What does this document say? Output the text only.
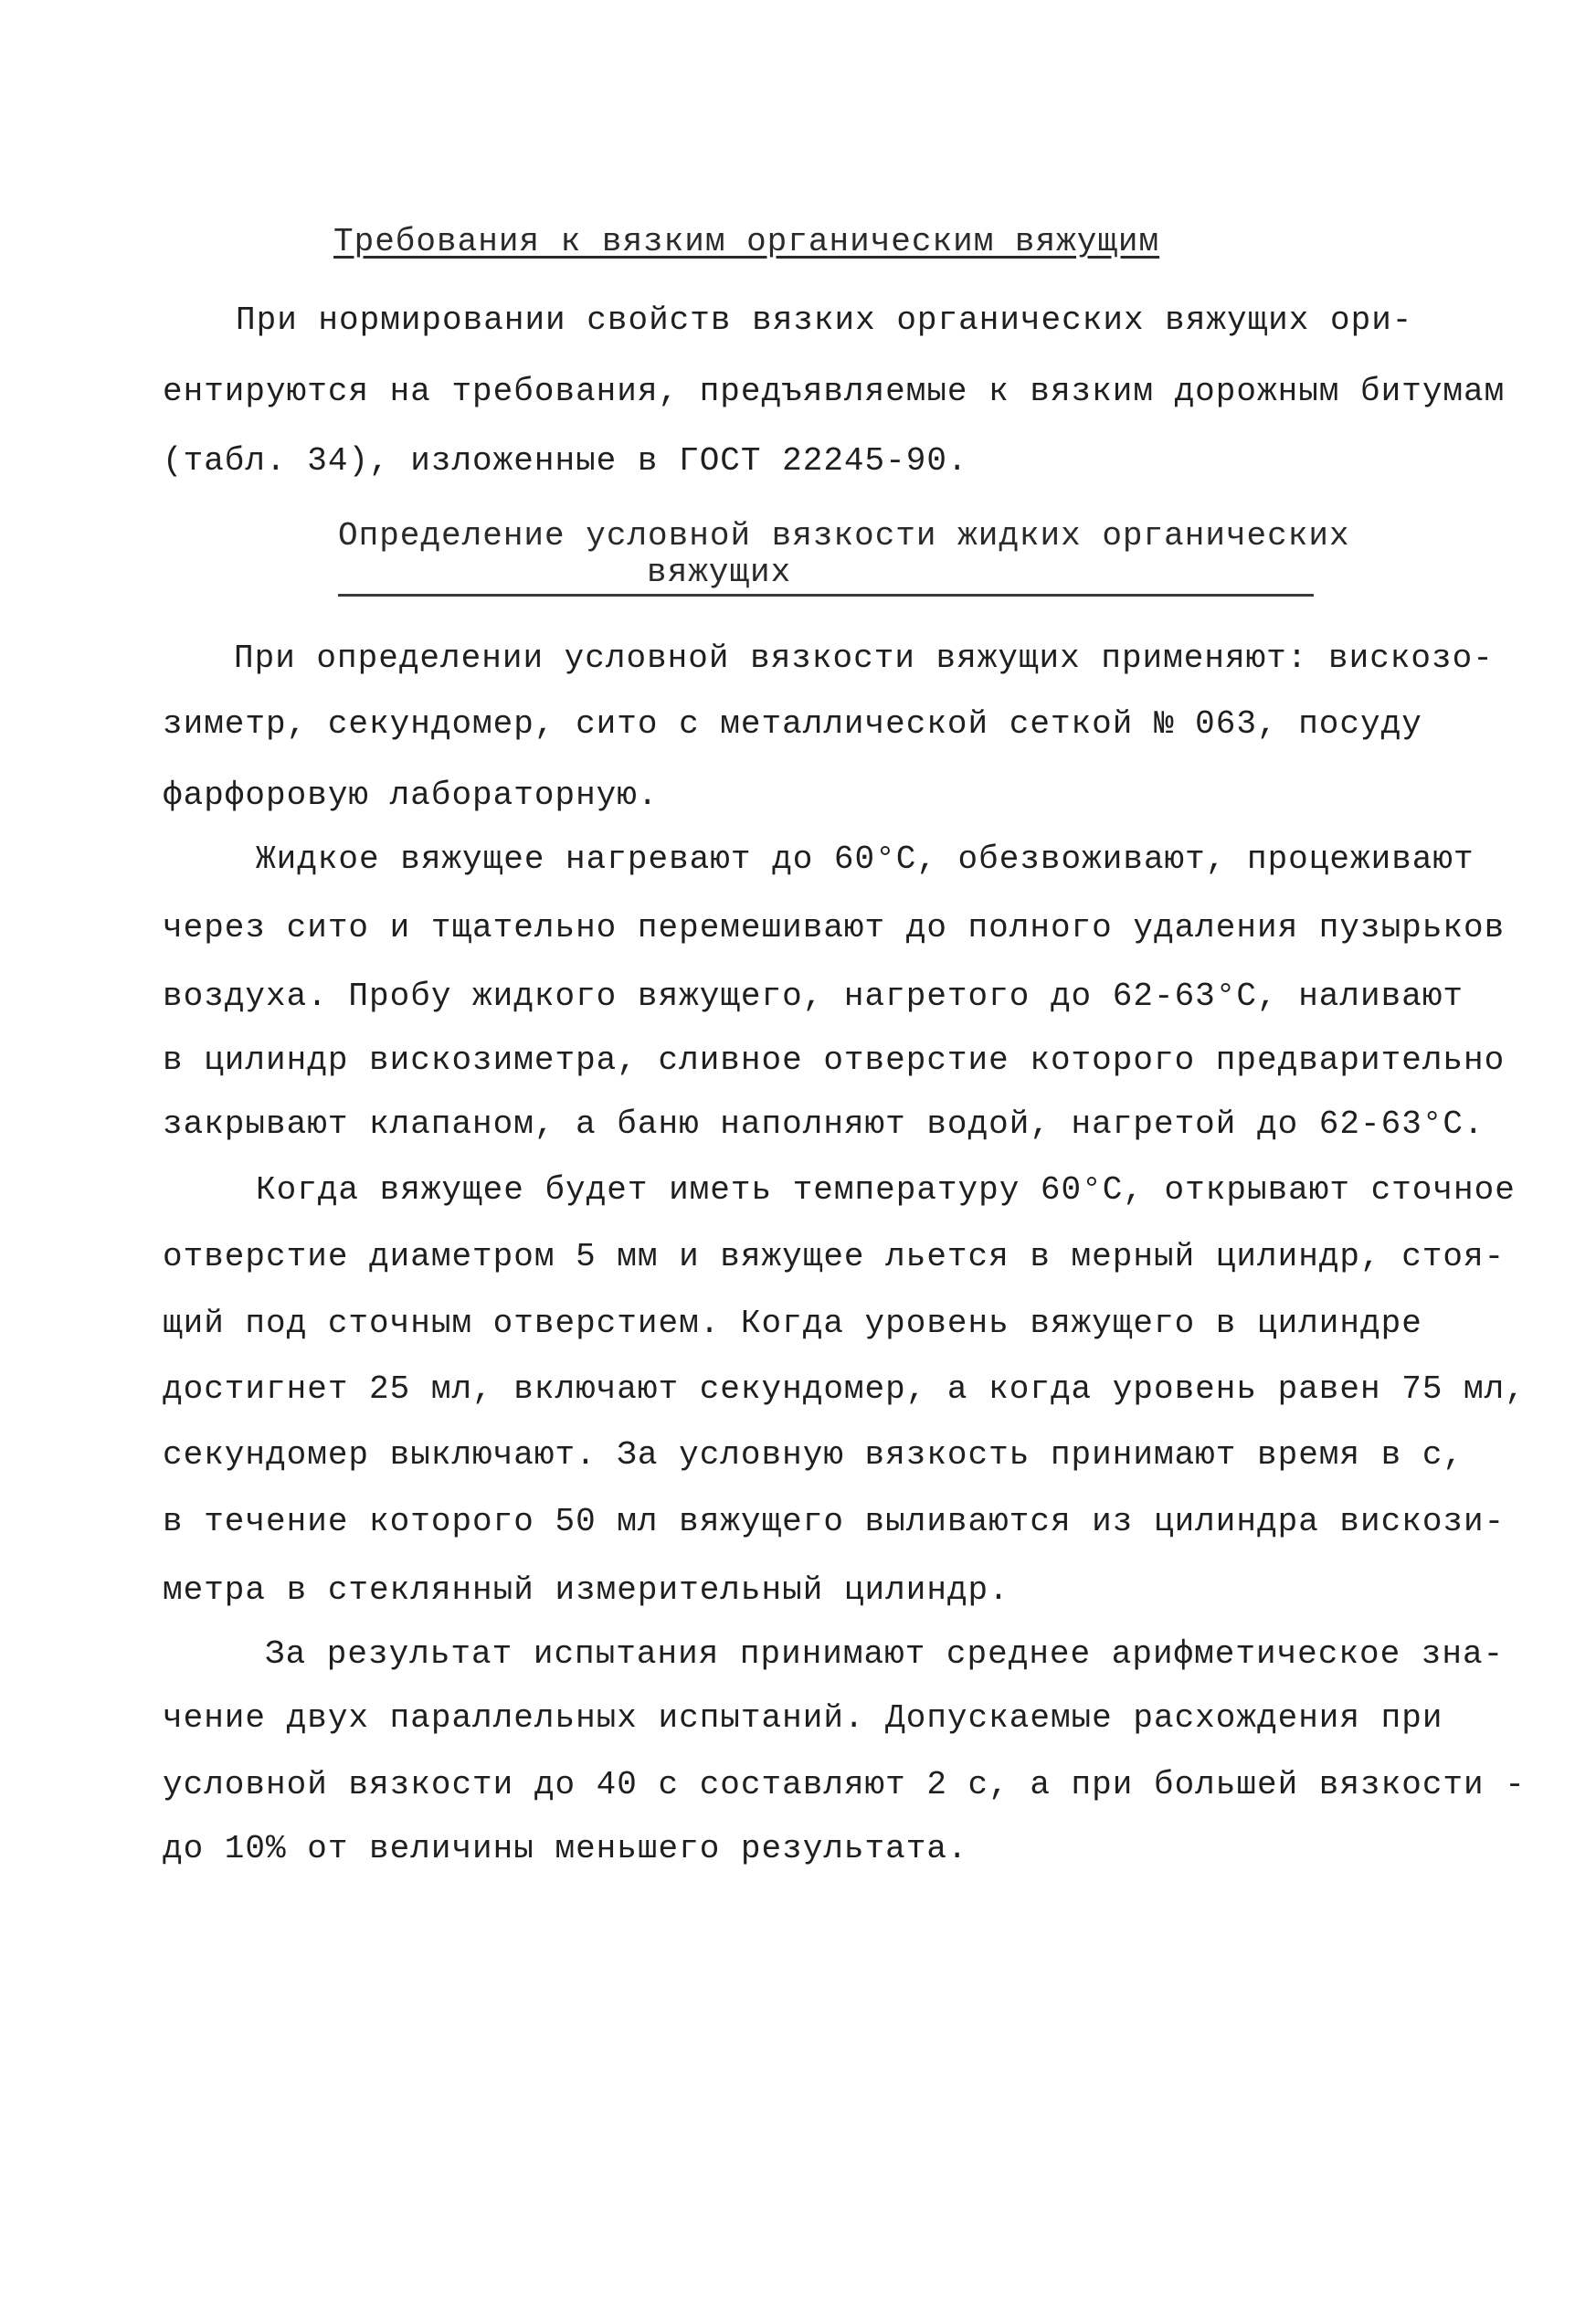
Требования к вязким органическим вяжущим
При нормировании свойств вязких органических вяжущих ори-
ентируются на требования, предъявляемые к вязким дорожным битумам
(табл. 34), изложенные в ГОСТ 22245-90.
Определение условной вязкости жидких органических
вяжущих
При определении условной вязкости вяжущих применяют: вискозо-
зиметр, секундомер, сито с металлической сеткой № 063, посуду
фарфоровую лабораторную.
Жидкое вяжущее нагревают до 60°С, обезвоживают, процеживают
через сито и тщательно перемешивают до полного удаления пузырьков
воздуха. Пробу жидкого вяжущего, нагретого до 62-63°С, наливают
в цилиндр вискозиметра, сливное отверстие которого предварительно
закрывают клапаном, а баню наполняют водой, нагретой до 62-63°С.
Когда вяжущее будет иметь температуру 60°С, открывают сточное
отверстие диаметром 5 мм и вяжущее льется в мерный цилиндр, стоя-
щий под сточным отверстием. Когда уровень вяжущего в цилиндре
достигнет 25 мл, включают секундомер, а когда уровень равен 75 мл,
секундомер выключают. За условную вязкость принимают время в с,
в течение которого 50 мл вяжущего выливаются из цилиндра вискози-
метра в стеклянный измерительный цилиндр.
За результат испытания принимают среднее арифметическое зна-
чение двух параллельных испытаний. Допускаемые расхождения при
условной вязкости до 40 с составляют 2 с, а при большей вязкости -
до 10% от величины меньшего результата.
